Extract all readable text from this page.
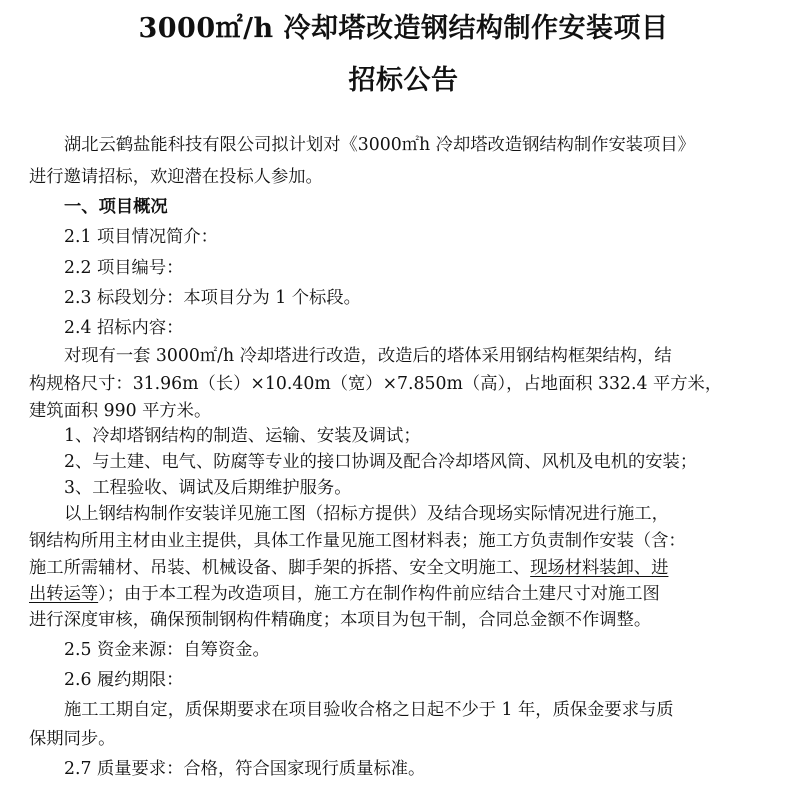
3000㎡/h 冷却塔改造钢结构制作安装项目
招标公告
湖北云鹤盐能科技有限公司拟计划对《3000㎡h 冷却塔改造钢结构制作安装项目》
进行邀请招标，欢迎潜在投标人参加。
一、项目概况
2.1 项目情况简介：
2.2 项目编号：
2.3 标段划分：本项目分为 1 个标段。
2.4 招标内容：
对现有一套 3000㎡/h 冷却塔进行改造，改造后的塔体采用钢结构框架结构，结
构规格尺寸：31.96m（长）×10.40m（宽）×7.850m（高），占地面积 332.4 平方米，
建筑面积 990 平方米。
1、冷却塔钢结构的制造、运输、安装及调试；
2、与土建、电气、防腐等专业的接口协调及配合冷却塔风筒、风机及电机的安装；
3、工程验收、调试及后期维护服务。
以上钢结构制作安装详见施工图（招标方提供）及结合现场实际情况进行施工，
钢结构所用主材由业主提供，具体工作量见施工图材料表；施工方负责制作安装（含：
施工所需辅材、吊装、机械设备、脚手架的拆搭、安全文明施工、现场材料装卸、进
出转运等）；由于本工程为改造项目，施工方在制作构件前应结合土建尺寸对施工图
进行深度审核，确保预制钢构件精确度；本项目为包干制，合同总金额不作调整。
2.5 资金来源：自筹资金。
2.6 履约期限：
施工工期自定，质保期要求在项目验收合格之日起不少于 1 年，质保金要求与质
保期同步。
2.7 质量要求：合格，符合国家现行质量标准。
